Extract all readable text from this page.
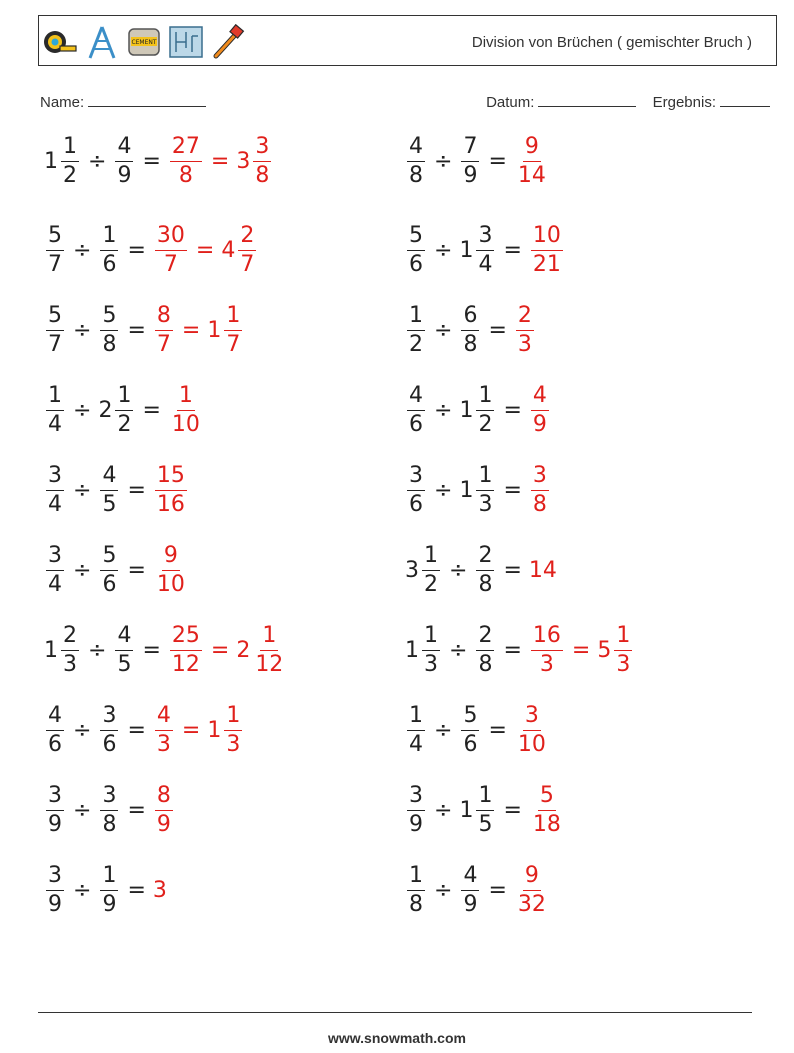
CEMENT	Division von Brüchen ( gemischter Bruch )
Name:	Datum:	Ergebnis:
$1 \frac{1}{2} \div \frac{4}{9} = \frac{27}{8} = 3 \frac{3}{8}$
$\frac{5}{7} \div \frac{1}{6} = \frac{30}{7} = 4 \frac{2}{7}$
$\frac{5}{7} \div \frac{5}{8} = \frac{8}{7} = 1 \frac{1}{7}$
$\frac{1}{4} \div 2 \frac{1}{2} = \frac{1}{10}$
$\frac{3}{4} \div \frac{4}{5} = \frac{15}{16}$
$\frac{3}{4} \div \frac{5}{6} = \frac{9}{10}$
$1 \frac{2}{3} \div \frac{4}{5} = \frac{25}{12} = 2 \frac{1}{12}$
$\frac{4}{6} \div \frac{3}{6} = \frac{4}{3} = 1 \frac{1}{3}$
$\frac{3}{9} \div \frac{3}{8} = \frac{8}{9}$
$\frac{3}{9} \div \frac{1}{9} = 3$
$\frac{4}{8} \div \frac{7}{9} = \frac{9}{14}$
$\frac{5}{6} \div 1 \frac{3}{4} = \frac{10}{21}$
$\frac{1}{2} \div \frac{6}{8} = \frac{2}{3}$
$\frac{4}{6} \div 1 \frac{1}{2} = \frac{4}{9}$
$\frac{3}{6} \div 1 \frac{1}{3} = \frac{3}{8}$
$3 \frac{1}{2} \div \frac{2}{8} = 14$
$1 \frac{1}{3} \div \frac{2}{8} = \frac{16}{3} = 5 \frac{1}{3}$
$\frac{1}{4} \div \frac{5}{6} = \frac{3}{10}$
$\frac{3}{9} \div 1 \frac{1}{5} = \frac{5}{18}$
$\frac{1}{8} \div \frac{4}{9} = \frac{9}{32}$
www.snowmath.com
